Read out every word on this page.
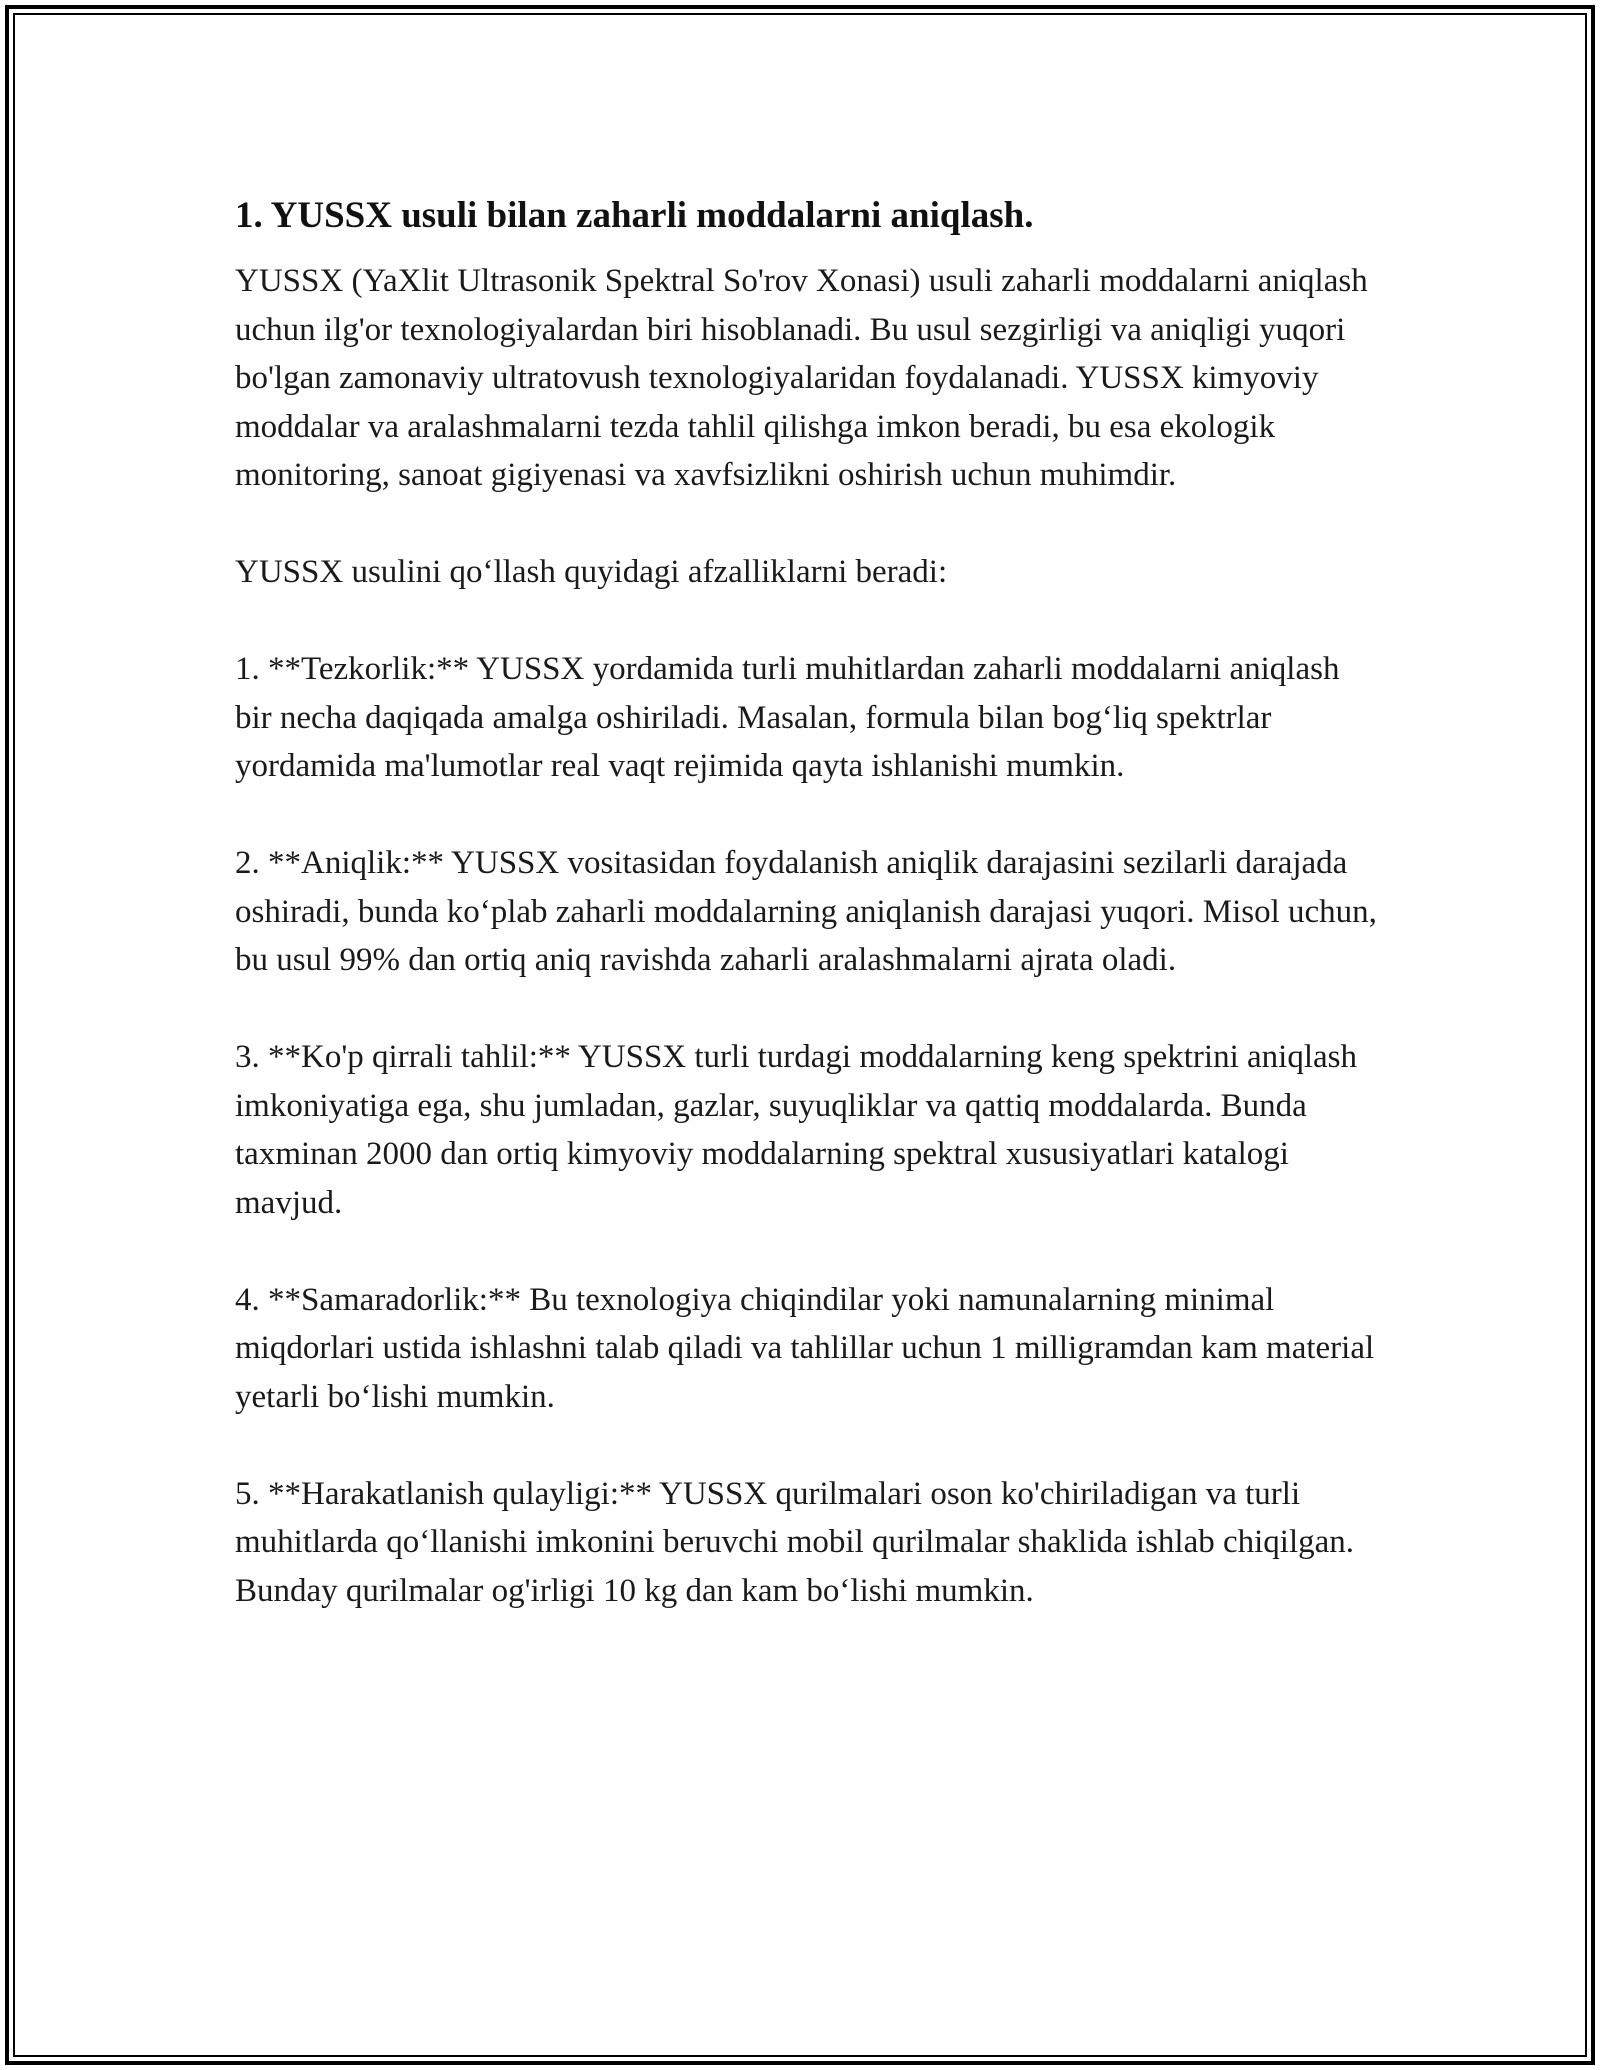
1. YUSSX usuli bilan zaharli moddalarni aniqlash.

YUSSX (YaXlit Ultrasonik Spektral So'rov Xonasi) usuli zaharli moddalarni aniqlash uchun ilg'or texnologiyalardan biri hisoblanadi. Bu usul sezgirligi va aniqligi yuqori bo'lgan zamonaviy ultratovush texnologiyalaridan foydalanadi. YUSSX kimyoviy moddalar va aralashmalarni tezda tahlil qilishga imkon beradi, bu esa ekologik monitoring, sanoat gigiyenasi va xavfsizlikni oshirish uchun muhimdir.

YUSSX usulini qo‘llash quyidagi afzalliklarni beradi:

1. **Tezkorlik:** YUSSX yordamida turli muhitlardan zaharli moddalarni aniqlash bir necha daqiqada amalga oshiriladi. Masalan, formula bilan bog‘liq spektrlar yordamida ma'lumotlar real vaqt rejimida qayta ishlanishi mumkin.

2. **Aniqlik:** YUSSX vositasidan foydalanish aniqlik darajasini sezilarli darajada oshiradi, bunda ko‘plab zaharli moddalarning aniqlanish darajasi yuqori. Misol uchun, bu usul 99% dan ortiq aniq ravishda zaharli aralashmalarni ajrata oladi.

3. **Ko'p qirrali tahlil:** YUSSX turli turdagi moddalarning keng spektrini aniqlash imkoniyatiga ega, shu jumladan, gazlar, suyuqliklar va qattiq moddalarda. Bunda taxminan 2000 dan ortiq kimyoviy moddalarning spektral xususiyatlari katalogi mavjud.

4. **Samaradorlik:** Bu texnologiya chiqindilar yoki namunalarning minimal miqdorlari ustida ishlashni talab qiladi va tahlillar uchun 1 milligramdan kam material yetarli bo‘lishi mumkin.

5. **Harakatlanish qulayligi:** YUSSX qurilmalari oson ko'chiriladigan va turli muhitlarda qo‘llanishi imkonini beruvchi mobil qurilmalar shaklida ishlab chiqilgan. Bunday qurilmalar og'irligi 10 kg dan kam bo‘lishi mumkin.
